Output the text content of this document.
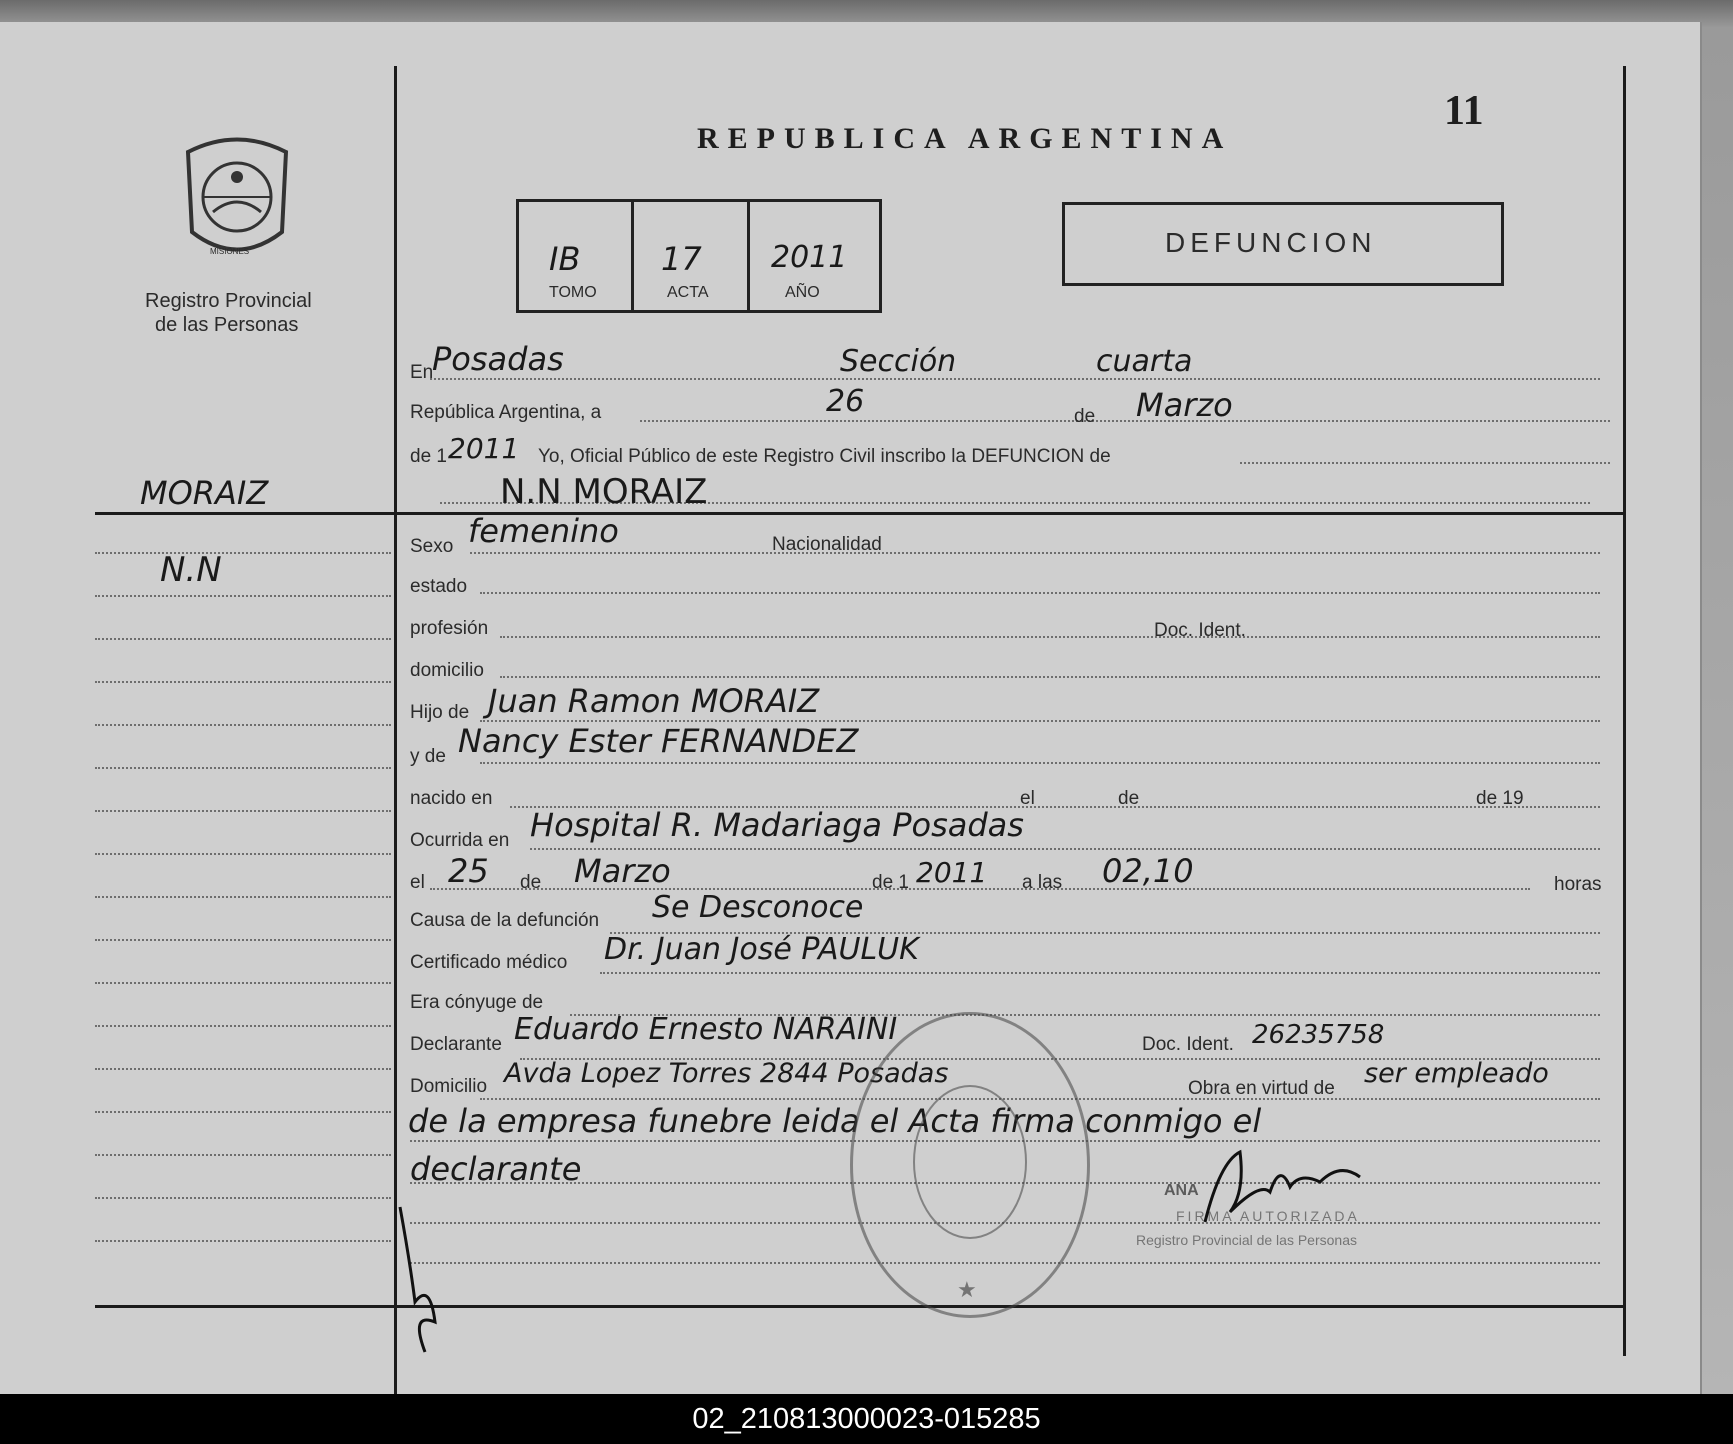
MISIONES
Registro Provincial
de las Personas
REPUBLICA ARGENTINA
11
IB	17 2011
TOMO	ACTA	AÑO
DEFUNCION
MORAIZ
N.N
En
Posadas	Sección	cuarta
República Argentina, a	26	de Marzo
de 1 2011 Yo, Oficial Público de este Registro Civil inscribo la DEFUNCION de
N.N MORAIZ
Sexo femenino	Nacionalidad
estado
profesión	Doc. Ident.
domicilio
Hijo de Juan Ramon MORAIZ
y de Nancy Ester FERNANDEZ
nacido en	el	de	de 19
Ocurrida en Hospital R. Madariaga Posadas
el 25 de Marzo	de 1 2011 a las 02,10	horas
Causa de la defunción Se Desconoce
Certificado médico Dr. Juan José PAULUK
Era cónyuge de
Declarante Eduardo Ernesto NARAINI	Doc. Ident. 26235758
Domicilio Avda Lopez Torres 2844 Posadas	Obra en virtud de ser empleado
de la empresa funebre leida el Acta firma conmigo el
declarante
★
ANA
FIRMA AUTORIZADA
Registro Provincial de las Personas
02_210813000023-015285
